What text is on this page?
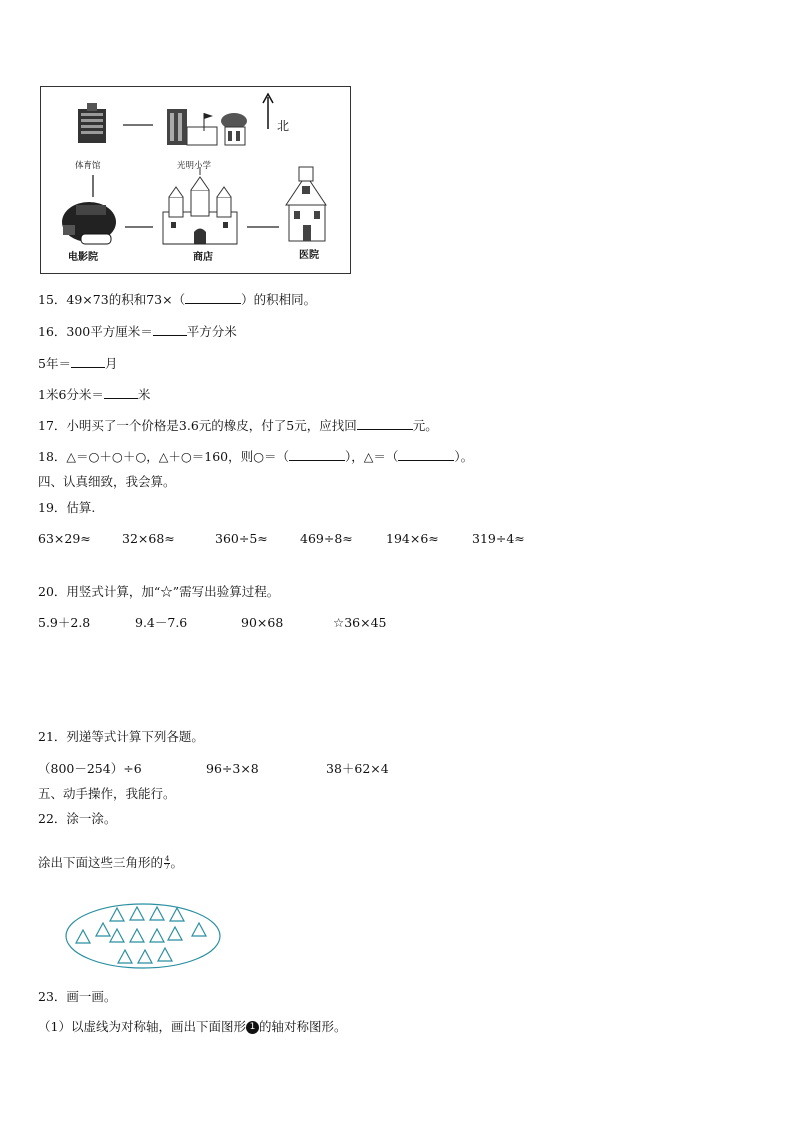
体育馆	光明小学
电影院	商店	医院
北
15．49×73的积和73×（	）的积相同。
16．300平方厘米＝	平方分米
5年＝	月
1米6分米＝	米
17．小明买了一个价格是3.6元的橡皮，付了5元，应找回	元。
18．△＝○＋○＋○，△＋○＝160，则○＝（	），△＝（	）。
四、认真细致，我会算。
19．估算.
63×29≈ 32×68≈	360÷5≈	469÷8≈	194×6≈	319÷4≈
20．用竖式计算，加“☆”需写出验算过程。
5.9＋2.8	9.4－7.6	90×68	☆36×45
21．列递等式计算下列各题。
（800－254）÷6	96÷3×8	38＋62×4
五、动手操作，我能行。
22．涂一涂。
涂出下面这些三角形的 $\frac{4}{7}$ 。
23．画一画。
（1）以虚线为对称轴，画出下面图形 1 的轴对称图形。
